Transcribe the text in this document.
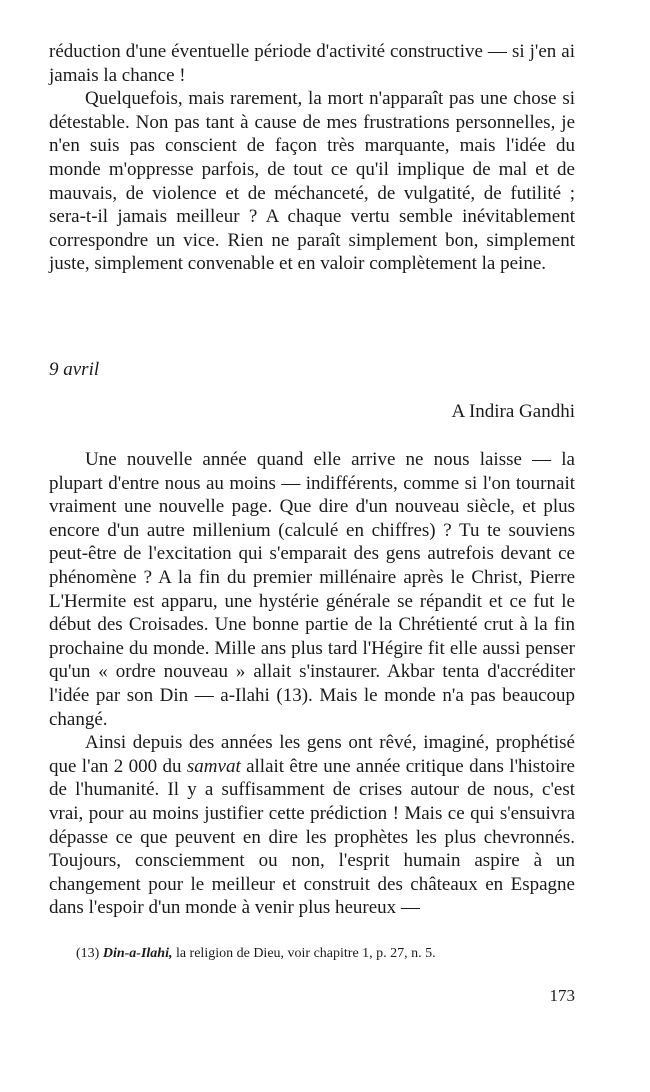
réduction d'une éventuelle période d'activité constructive — si j'en ai jamais la chance !

Quelquefois, mais rarement, la mort n'apparaît pas une chose si détestable. Non pas tant à cause de mes frustrations personnelles, je n'en suis pas conscient de façon très marquante, mais l'idée du monde m'oppresse parfois, de tout ce qu'il implique de mal et de mauvais, de violence et de méchanceté, de vulgatité, de futilité ; sera-t-il jamais meilleur ? A chaque vertu semble inévitablement correspondre un vice. Rien ne paraît simplement bon, simplement juste, simplement convenable et en valoir complètement la peine.

9 avril

A Indira Gandhi

Une nouvelle année quand elle arrive ne nous laisse — la plupart d'entre nous au moins — indifférents, comme si l'on tournait vraiment une nouvelle page. Que dire d'un nouveau siècle, et plus encore d'un autre millenium (calculé en chiffres) ? Tu te souviens peut-être de l'excitation qui s'emparait des gens autrefois devant ce phénomène ? A la fin du premier millénaire après le Christ, Pierre L'Hermite est apparu, une hystérie générale se répandit et ce fut le début des Croisades. Une bonne partie de la Chrétienté crut à la fin prochaine du monde. Mille ans plus tard l'Hégire fit elle aussi penser qu'un « ordre nouveau » allait s'instaurer. Akbar tenta d'accréditer l'idée par son Din — a-Ilahi (13). Mais le monde n'a pas beaucoup changé.

Ainsi depuis des années les gens ont rêvé, imaginé, prophétisé que l'an 2 000 du samvat allait être une année critique dans l'histoire de l'humanité. Il y a suffisamment de crises autour de nous, c'est vrai, pour au moins justifier cette prédiction ! Mais ce qui s'ensuivra dépasse ce que peuvent en dire les prophètes les plus chevronnés. Toujours, consciemment ou non, l'esprit humain aspire à un changement pour le meilleur et construit des châteaux en Espagne dans l'espoir d'un monde à venir plus heureux —

(13) Din-a-Ilahi, la religion de Dieu, voir chapitre 1, p. 27, n. 5.

173
